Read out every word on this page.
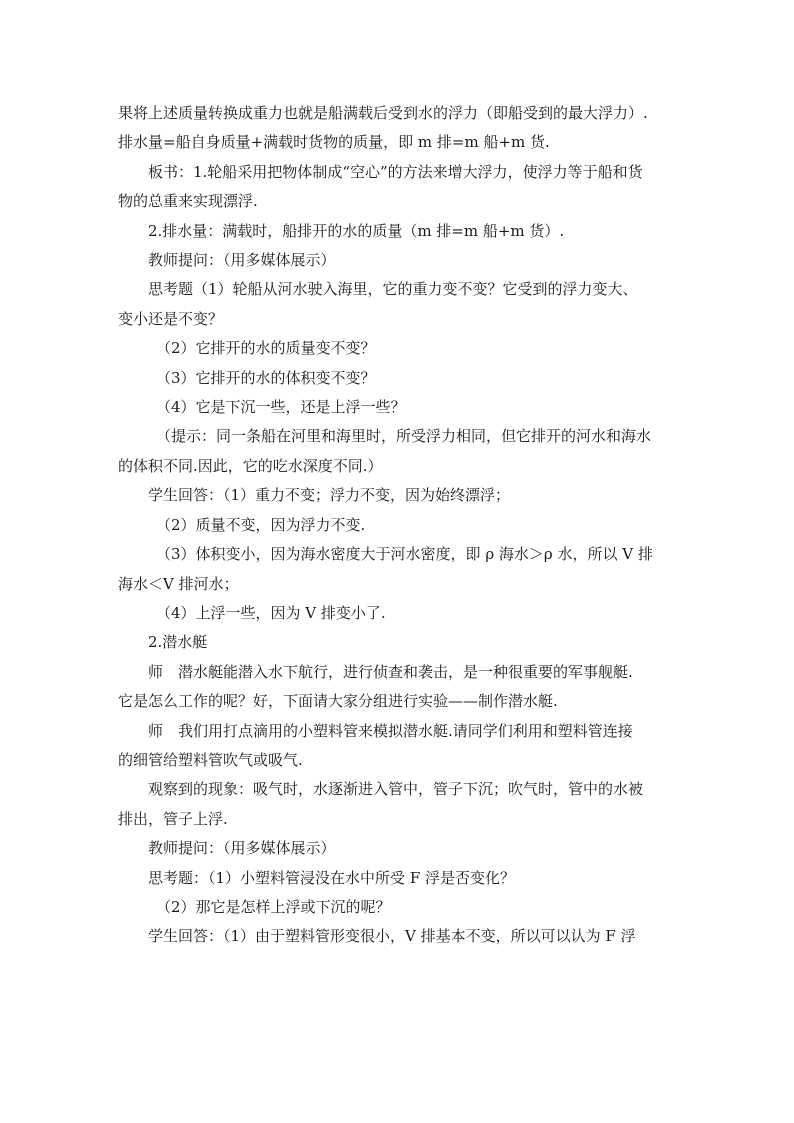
果将上述质量转换成重力也就是船满载后受到水的浮力（即船受到的最大浮力）.

排水量=船自身质量+满载时货物的质量，即 m 排=m 船+m 货.

板书：1.轮船采用把物体制成“空心”的方法来增大浮力，使浮力等于船和货

物的总重来实现漂浮.

2.排水量：满载时，船排开的水的质量（m 排=m 船+m 货）.

教师提问：（用多媒体展示）

思考题（1）轮船从河水驶入海里，它的重力变不变？它受到的浮力变大、

变小还是不变？

（2）它排开的水的质量变不变？

（3）它排开的水的体积变不变？

（4）它是下沉一些，还是上浮一些？

（提示：同一条船在河里和海里时，所受浮力相同，但它排开的河水和海水

的体积不同.因此，它的吃水深度不同.）

学生回答：（1）重力不变；浮力不变，因为始终漂浮；

（2）质量不变，因为浮力不变.

（3）体积变小，因为海水密度大于河水密度，即 ρ 海水＞ρ 水，所以 V 排

海水＜V 排河水；

（4）上浮一些，因为 V 排变小了.

2.潜水艇

师　潜水艇能潜入水下航行，进行侦查和袭击，是一种很重要的军事舰艇.

它是怎么工作的呢？好，下面请大家分组进行实验——制作潜水艇.

师　我们用打点滴用的小塑料管来模拟潜水艇.请同学们利用和塑料管连接

的细管给塑料管吹气或吸气.

观察到的现象：吸气时，水逐渐进入管中，管子下沉；吹气时，管中的水被

排出，管子上浮.

教师提问：（用多媒体展示）

思考题：（1）小塑料管浸没在水中所受 F 浮是否变化？

（2）那它是怎样上浮或下沉的呢？

学生回答：（1）由于塑料管形变很小，V 排基本不变，所以可以认为 F 浮
